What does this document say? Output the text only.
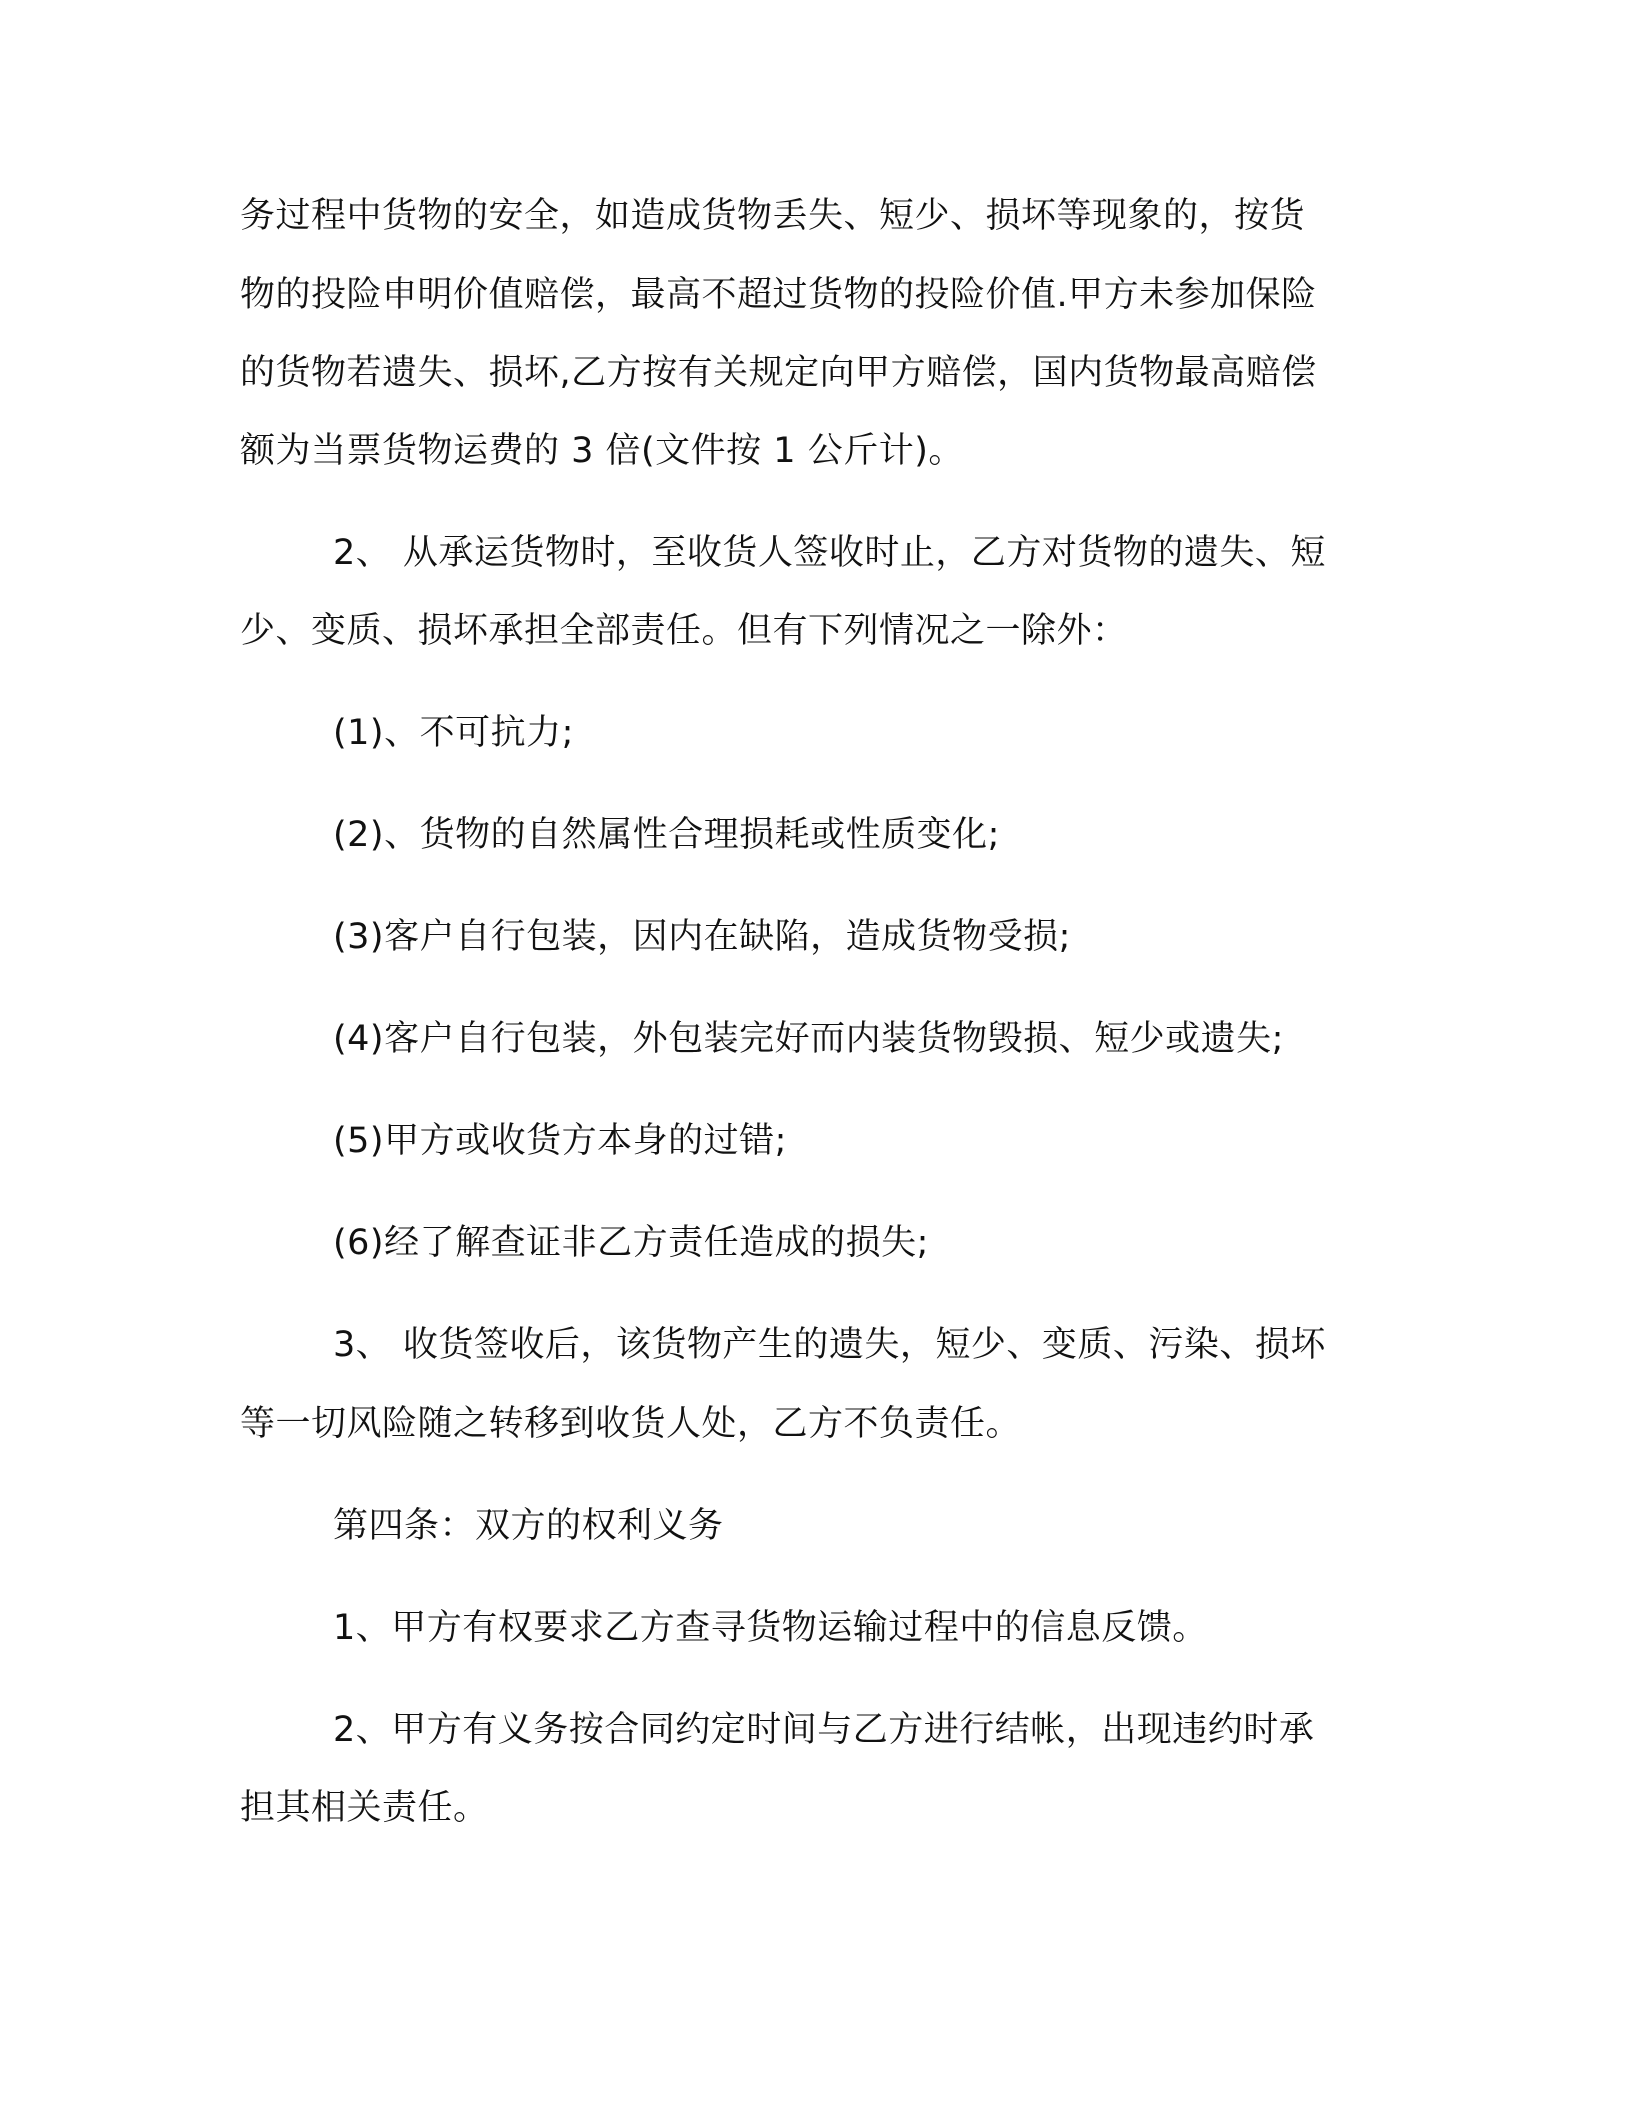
务过程中货物的安全，如造成货物丢失、短少、损坏等现象的，按货
物的投险申明价值赔偿，最高不超过货物的投险价值.甲方未参加保险
的货物若遗失、损坏,乙方按有关规定向甲方赔偿，国内货物最高赔偿
额为当票货物运费的 3 倍(文件按 1 公斤计)。
2、 从承运货物时，至收货人签收时止，乙方对货物的遗失、短
少、变质、损坏承担全部责任。但有下列情况之一除外：
(1)、不可抗力;
(2)、货物的自然属性合理损耗或性质变化;
(3)客户自行包装，因内在缺陷，造成货物受损;
(4)客户自行包装，外包装完好而内装货物毁损、短少或遗失;
(5)甲方或收货方本身的过错;
(6)经了解查证非乙方责任造成的损失;
3、 收货签收后，该货物产生的遗失，短少、变质、污染、损坏
等一切风险随之转移到收货人处，乙方不负责任。
第四条：双方的权利义务
1、甲方有权要求乙方查寻货物运输过程中的信息反馈。
2、甲方有义务按合同约定时间与乙方进行结帐，出现违约时承
担其相关责任。
